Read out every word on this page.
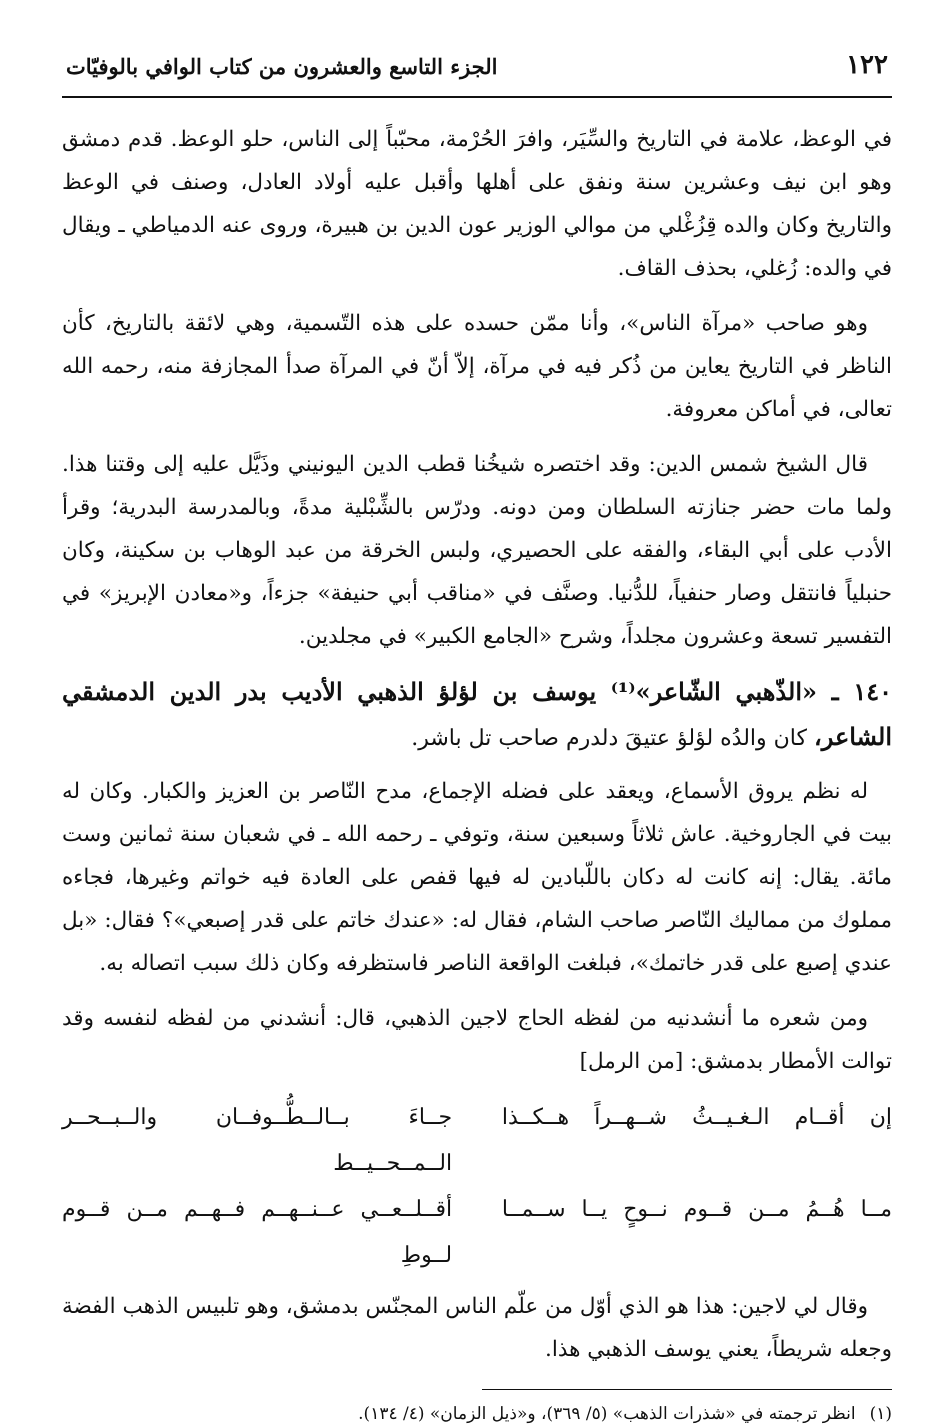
١٢٢
الجزء التاسع والعشرون من كتاب الوافي بالوفيّات

في الوعظ، علامة في التاريخ والسِّيَر، وافرَ الحُرْمة، محبّباً إلى الناس، حلو الوعظ. قدم دمشق وهو ابن نيف وعشرين سنة ونفق على أهلها وأقبل عليه أولاد العادل، وصنف في الوعظ والتاريخ وكان والده قِزُغْلي من موالي الوزير عون الدين بن هبيرة، وروى عنه الدمياطي ـ ويقال في والده: زُغلي، بحذف القاف.

وهو صاحب «مرآة الناس»، وأنا ممّن حسده على هذه التّسمية، وهي لائقة بالتاريخ، كأن الناظر في التاريخ يعاين من ذُكر فيه في مرآة، إلاّ أنّ في المرآة صدأ المجازفة منه، رحمه الله تعالى، في أماكن معروفة.

قال الشيخ شمس الدين: وقد اختصره شيخُنا قطب الدين اليونيني وذَيَّل عليه إلى وقتنا هذا. ولما مات حضر جنازته السلطان ومن دونه. ودرّس بالشِّبْلية مدةً، وبالمدرسة البدرية؛ وقرأ الأدب على أبي البقاء، والفقه على الحصيري، ولبس الخرقة من عبد الوهاب بن سكينة، وكان حنبلياً فانتقل وصار حنفياً، للدُّنيا. وصنَّف في «مناقب أبي حنيفة» جزءاً، و«معادن الإبريز» في التفسير تسعة وعشرون مجلداً، وشرح «الجامع الكبير» في مجلدين.

١٤٠ ـ «الذّهبي الشّاعر»⁽¹⁾ يوسف بن لؤلؤ الذهبي الأديب بدر الدين الدمشقي الشاعر، كان والدُه لؤلؤ عتيقَ دلدرم صاحب تل باشر.

له نظم يروق الأسماع، ويعقد على فضله الإجماع، مدح النّاصر بن العزيز والكبار. وكان له بيت في الجاروخية. عاش ثلاثاً وسبعين سنة، وتوفي ـ رحمه الله ـ في شعبان سنة ثمانين وست مائة. يقال: إنه كانت له دكان باللّبادين له فيها قفص على العادة فيه خواتم وغيرها، فجاءه مملوك من مماليك النّاصر صاحب الشام، فقال له: «عندك خاتم على قدر إصبعي»؟ فقال: «بل عندي إصبع على قدر خاتمك»، فبلغت الواقعة الناصر فاستظرفه وكان ذلك سبب اتصاله به.

ومن شعره ما أنشدنيه من لفظه الحاج لاجين الذهبي، قال: أنشدني من لفظه لنفسه وقد توالت الأمطار بدمشق: [من الرمل]

إن أقــام الـغـيــثُ شــهــراً هــكــذا
جــاءَ بــالــطُّــوفــان والــبــحــر الــمــحــيــط
مــا هُــمُ مــن قــوم نــوحٍ يــا ســمــا
أقــلــعــي عــنــهــم فــهــم مــن قــوم لــوطِ

وقال لي لاجين: هذا هو الذي أوّل من علّم الناس المجنّس بدمشق، وهو تلبيس الذهب الفضة وجعله شريطاً، يعني يوسف الذهبي هذا.

(١)انظر ترجمته في «شذرات الذهب» (٥/ ٣٦٩)، و«ذيل الزمان» (٤/ ١٣٤).
